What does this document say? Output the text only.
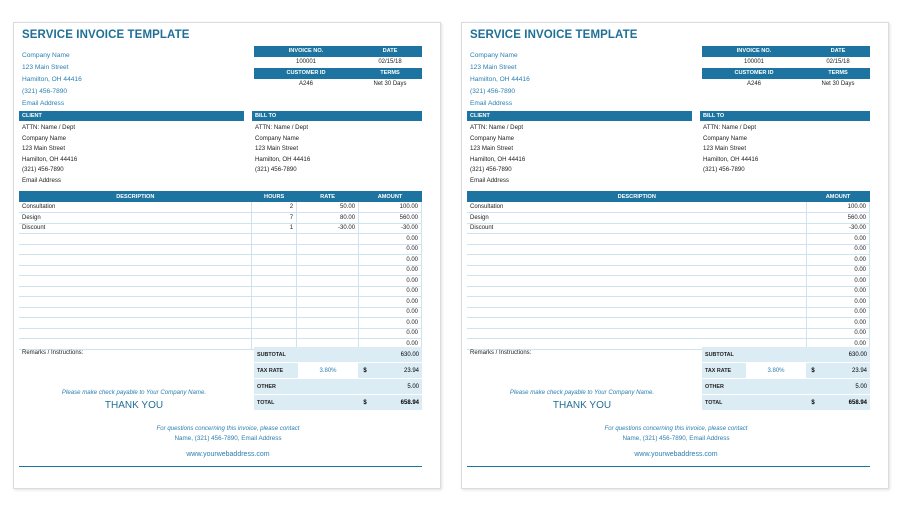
SERVICE INVOICE TEMPLATE
Company Name
123 Main Street
Hamilton, OH 44416
(321) 456-7890
Email Address
INVOICE NO.	DATE
100001	02/15/18
CUSTOMER ID	TERMS
A246	Net 30 Days
CLIENT
ATTN: Name / Dept
Company Name
123 Main Street
Hamilton, OH 44416
(321) 456-7890
Email Address
BILL TO
ATTN: Name / Dept
Company Name
123 Main Street
Hamilton, OH 44416
(321) 456-7890
DESCRIPTION	HOURS	RATE	AMOUNT
Consultation	2	50.00	100.00
Design	7	80.00	560.00
Discount	1	-30.00	-30.00
			0.00
			0.00
			0.00
			0.00
			0.00
			0.00
			0.00
			0.00
			0.00
			0.00
			0.00
Remarks / Instructions:	SUBTOTAL	630.00
TAX RATE	3.80%	$	23.94
OTHER	5.00
TOTAL	$	658.94
Please make check payable to Your Company Name.
THANK YOU
For questions concerning this invoice, please contact
Name, (321) 456-7890, Email Address
www.yourwebaddress.com
SERVICE INVOICE TEMPLATE
Company Name
123 Main Street
Hamilton, OH 44416
(321) 456-7890
Email Address
INVOICE NO.	DATE
100001	02/15/18
CUSTOMER ID	TERMS
A246	Net 30 Days
CLIENT
ATTN: Name / Dept
Company Name
123 Main Street
Hamilton, OH 44416
(321) 456-7890
Email Address
BILL TO
ATTN: Name / Dept
Company Name
123 Main Street
Hamilton, OH 44416
(321) 456-7890
DESCRIPTION	AMOUNT
Consultation	100.00
Design	560.00
Discount	-30.00
	0.00
	0.00
	0.00
	0.00
	0.00
	0.00
	0.00
	0.00
	0.00
	0.00
	0.00
Remarks / Instructions:	SUBTOTAL	630.00
TAX RATE	3.80%	$	23.94
OTHER	5.00
TOTAL	$	658.94
Please make check payable to Your Company Name.
THANK YOU
For questions concerning this invoice, please contact
Name, (321) 456-7890, Email Address
www.yourwebaddress.com
